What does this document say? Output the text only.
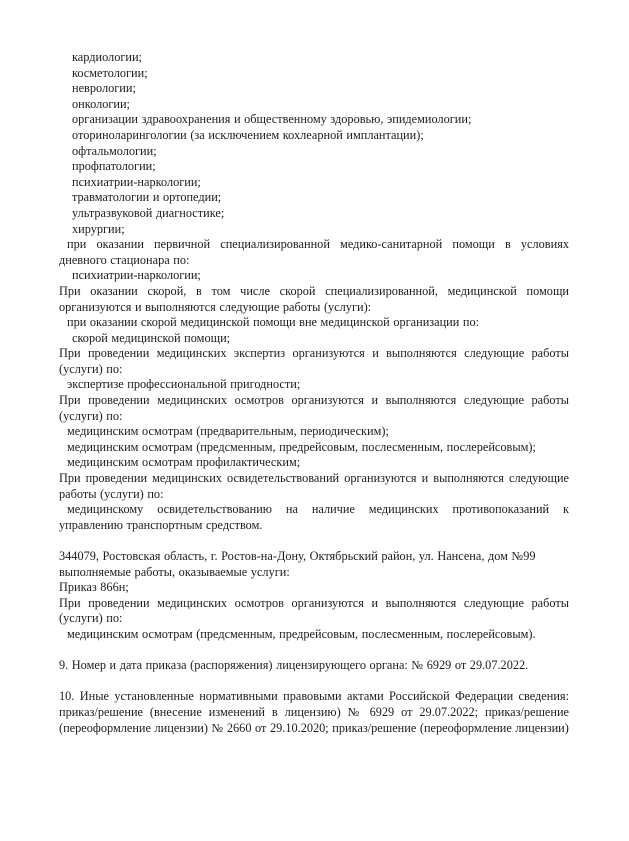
кардиологии;

косметологии;

неврологии;

онкологии;

организации здравоохранения и общественному здоровью, эпидемиологии;

оториноларингологии (за исключением кохлеарной имплантации);

офтальмологии;

профпатологии;

психиатрии-наркологии;

травматологии и ортопедии;

ультразвуковой диагностике;

хирургии;

при оказании первичной специализированной медико-санитарной помощи в условиях дневного стационара по:

психиатрии-наркологии;

При оказании скорой, в том числе скорой специализированной, медицинской помощи организуются и выполняются следующие работы (услуги):

при оказании скорой медицинской помощи вне медицинской организации по:

скорой медицинской помощи;

При проведении медицинских экспертиз организуются и выполняются следующие работы (услуги) по:

экспертизе профессиональной пригодности;

При проведении медицинских осмотров организуются и выполняются следующие работы (услуги) по:

медицинским осмотрам (предварительным, периодическим);

медицинским осмотрам (предсменным, предрейсовым, послесменным, послерейсовым);

медицинским осмотрам профилактическим;

При проведении медицинских освидетельствований организуются и выполняются следующие работы (услуги) по:

медицинскому освидетельствованию на наличие медицинских противопоказаний к управлению транспортным средством.

344079, Ростовская область, г. Ростов-на-Дону, Октябрьский район, ул. Нансена, дом №99

выполняемые работы, оказываемые услуги:

Приказ 866н;

При проведении медицинских осмотров организуются и выполняются следующие работы (услуги) по:

медицинским осмотрам (предсменным, предрейсовым, послесменным, послерейсовым).

9. Номер и дата приказа (распоряжения) лицензирующего органа: № 6929 от 29.07.2022.

10. Иные установленные нормативными правовыми актами Российской Федерации сведения: приказ/решение (внесение изменений в лицензию) № 6929 от 29.07.2022; приказ/решение (переоформление лицензии) № 2660 от 29.10.2020; приказ/решение (переоформление лицензии)
